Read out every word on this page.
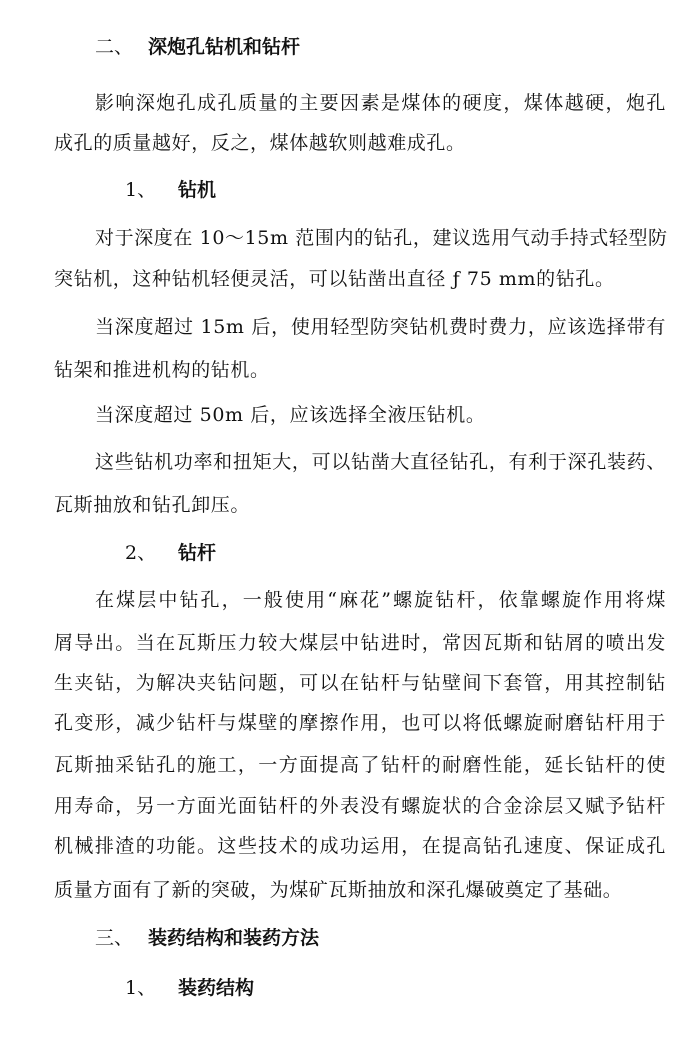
二、 深炮孔钻机和钻杆
影响深炮孔成孔质量的主要因素是煤体的硬度，煤体越硬，炮孔
成孔的质量越好，反之，煤体越软则越难成孔。
1、 钻机
对于深度在 10～15m 范围内的钻孔，建议选用气动手持式轻型防
突钻机，这种钻机轻便灵活，可以钻凿出直径 ƒ 75 mm的钻孔。
当深度超过 15m 后，使用轻型防突钻机费时费力，应该选择带有
钻架和推进机构的钻机。
当深度超过 50m 后，应该选择全液压钻机。
这些钻机功率和扭矩大，可以钻凿大直径钻孔，有利于深孔装药、
瓦斯抽放和钻孔卸压。
2、 钻杆
在煤层中钻孔，一般使用“麻花”螺旋钻杆，依靠螺旋作用将煤
屑导出。当在瓦斯压力较大煤层中钻进时，常因瓦斯和钻屑的喷出发
生夹钻，为解决夹钻问题，可以在钻杆与钻壁间下套管，用其控制钻
孔变形，减少钻杆与煤壁的摩擦作用，也可以将低螺旋耐磨钻杆用于
瓦斯抽采钻孔的施工，一方面提高了钻杆的耐磨性能，延长钻杆的使
用寿命，另一方面光面钻杆的外表没有螺旋状的合金涂层又赋予钻杆
机械排渣的功能。这些技术的成功运用，在提高钻孔速度、保证成孔
质量方面有了新的突破，为煤矿瓦斯抽放和深孔爆破奠定了基础。
三、 装药结构和装药方法
1、 装药结构
